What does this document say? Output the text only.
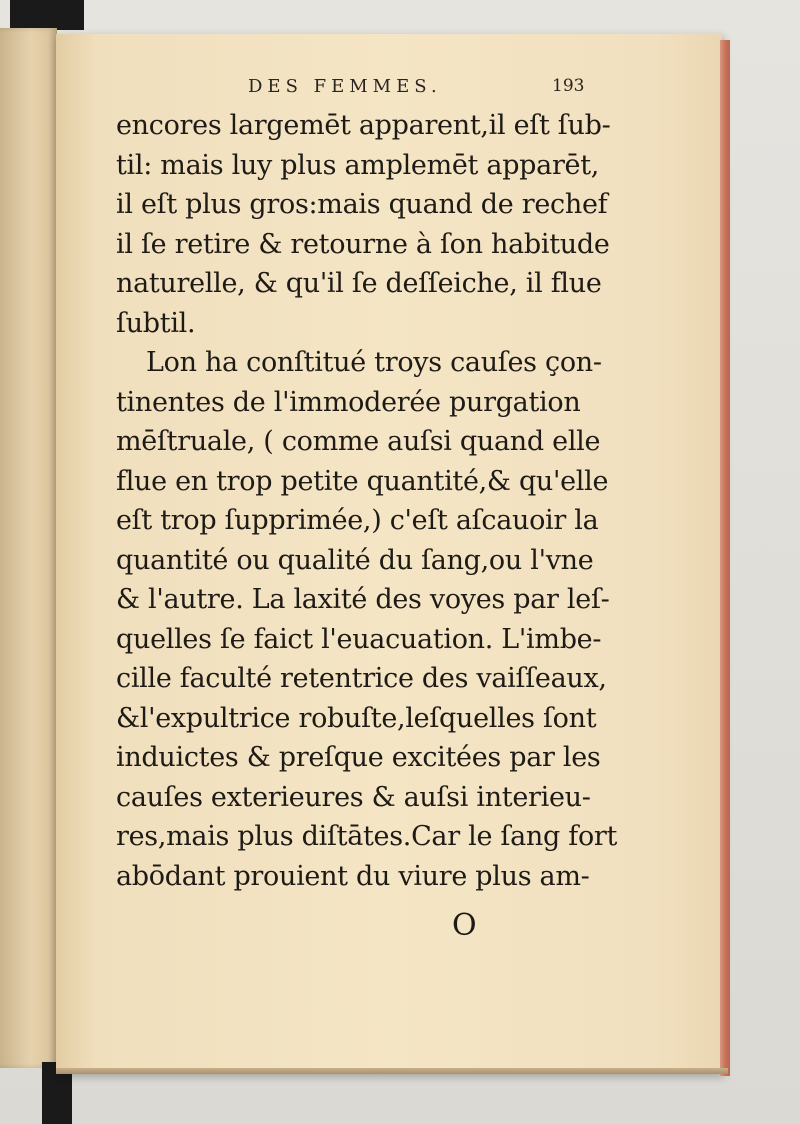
DES FEMMES.	193
encores largemēt apparent,il eſt ſub-
til: mais luy plus amplemēt apparēt,
il eſt plus gros:mais quand de rechef
il ſe retire & retourne à ſon habitude
naturelle, & qu'il ſe deſſeiche, il flue
ſubtil.
Lon ha conſtitué troys cauſes ҫon-
tinentes de l'immoderée purgation
mēſtruale, ( comme auſsi quand elle
flue en trop petite quantité,& qu'elle
eſt trop ſupprimée,) c'eſt aſcauoir la
quantité ou qualité du ſang,ou l'vne
& l'autre. La laxité des voyes par leſ-
quelles ſe faict l'euacuation. L'imbe-
cille faculté retentrice des vaiſſeaux,
&l'expultrice robuſte,leſquelles ſont
induictes & preſque excitées par les
cauſes exterieures & auſsi interieu-
res,mais plus diſtātes.Car le ſang fort
abōdant prouient du viure plus am-
O
